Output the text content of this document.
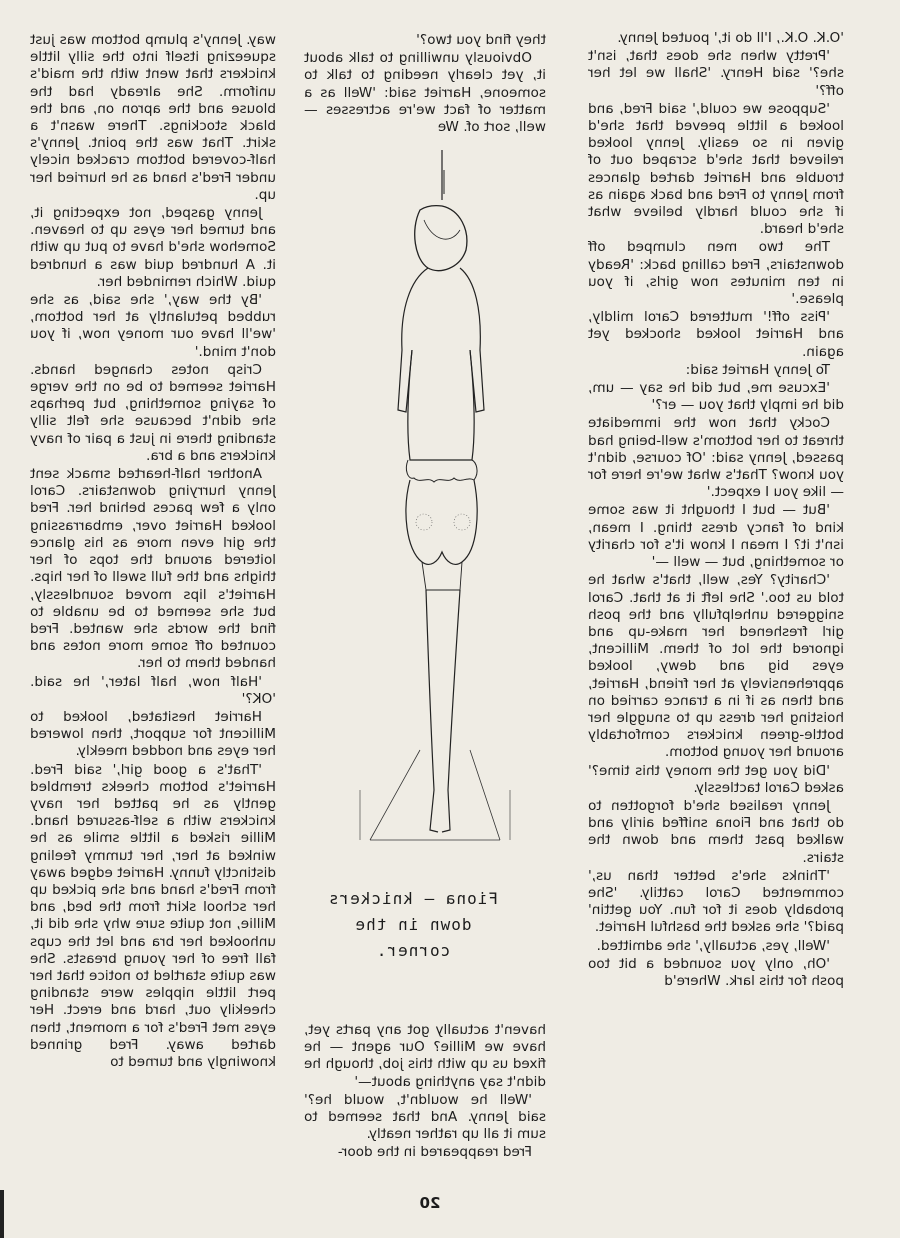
way. Jenny's plump bottom was just squeezing itself into the silly little knickers that went with the maid's uniform. She already had the blouse and the apron on, and the black stockings. There wasn't a skirt. That was the point. Jenny's half-covered bottom cracked nicely under Fred's hand as he hurried her up.

Jenny gasped, not expecting it, and turned her eyes up to heaven. Somehow she'd have to put up with it. A hundred quid was a hundred quid. Which reminded her.

'By the way,' she said, as she rubbed petulantly at her bottom, 'we'll have our money now, if you don't mind.'

Crisp notes changed hands. Harriet seemed to be on the verge of saying something, but perhaps she didn't because she felt silly standing there in just a pair of navy knickers and a bra.

Another half-hearted smack sent Jenny hurrying downstairs. Carol only a few paces behind her. Fred looked Harriet over, embarrassing the girl even more as his glance loitered around the tops of her thighs and the full swell of her hips. Harriet's lips moved soundlessly, but she seemed to be unable to find the words she wanted. Fred counted off some more notes and handed them to her.

'Half now, half later,' he said. 'OK?'

Harriet hesitated, looked to Millicent for support, then lowered her eyes and nodded meekly.

'That's a good girl,' said Fred. Harriet's bottom cheeks trembled gently as he patted her navy knickers with a self-assured hand. Millie risked a little smile as he winked at her, her tummy feeling distinctly funny. Harriet edged away from Fred's hand and she picked up her school skirt from the bed, and Millie, not quite sure why she did it, unhooked her bra and let the cups fall free of her young breasts. She was quite startled to notice that her pert little nipples were standing cheekily out, hard and erect. Her eyes met Fred's for a moment, then darted away. Fred grinned knowingly and turned to

they find you two?'

Obviously unwilling to talk about it, yet clearly needing to talk to someone, Harriet said: 'Well as a matter of fact we're actresses — well, sort of. We

Fiona — knickers
down in the
corner.

haven't actually got any parts yet, have we Millie? Our agent — he fixed us up with this job, though he didn't say anything about—'

'Well he wouldn't, would he?' said Jenny. And that seemed to sum it all up rather neatly.

Fred reappeared in the door-

'O.K. O.K., I'll do it,' pouted Jenny.

'Pretty when she does that, isn't she?' said Henry. 'Shall we let her off?'

'Suppose we could,' said Fred, and looked a little peeved that she'd given in so easily. Jenny looked relieved that she'd scraped out of trouble and Harriet darted glances from Jenny to Fred and back again as if she could hardly believe what she'd heard.

The two men clumped off downstairs, Fred calling back: 'Ready in ten minutes now girls, if you please.'

'Piss off!' muttered Carol mildly, and Harriet looked shocked yet again.

To Jenny Harriet said:

'Excuse me, but did he say — um, did he imply that you — er?'

Cocky that now the immediate threat to her bottom's well-being had passed, Jenny said: 'Of course, didn't you know? That's what we're here for — like you I expect.'

'But — but I thought it was some kind of fancy dress thing. I mean, isn't it? I mean I know it's for charity or something, but — well —'

'Charity? Yes, well, that's what he told us too.' She left it at that. Carol sniggered unhelpfully and the posh girl freshened her make-up and ignored the lot of them. Millicent, eyes big and dewy, looked apprehensively at her friend, Harriet, and then as if in a trance carried on hoisting her dress up to snuggle her bottle-green knickers comfortably around her young bottom.

'Did you get the money this time?' asked Carol tactlessly.

Jenny realised she'd forgotten to do that and Fiona sniffed airily and walked past them and down the stairs.

'Thinks she's better than us,' commented Carol cattily. 'She probably does it for fun. You gettin' paid?' she asked the bashful Harriet.

'Well, yes, actually,' she admitted.

'Oh, only you sounded a bit too posh for this lark. Where'd

20
